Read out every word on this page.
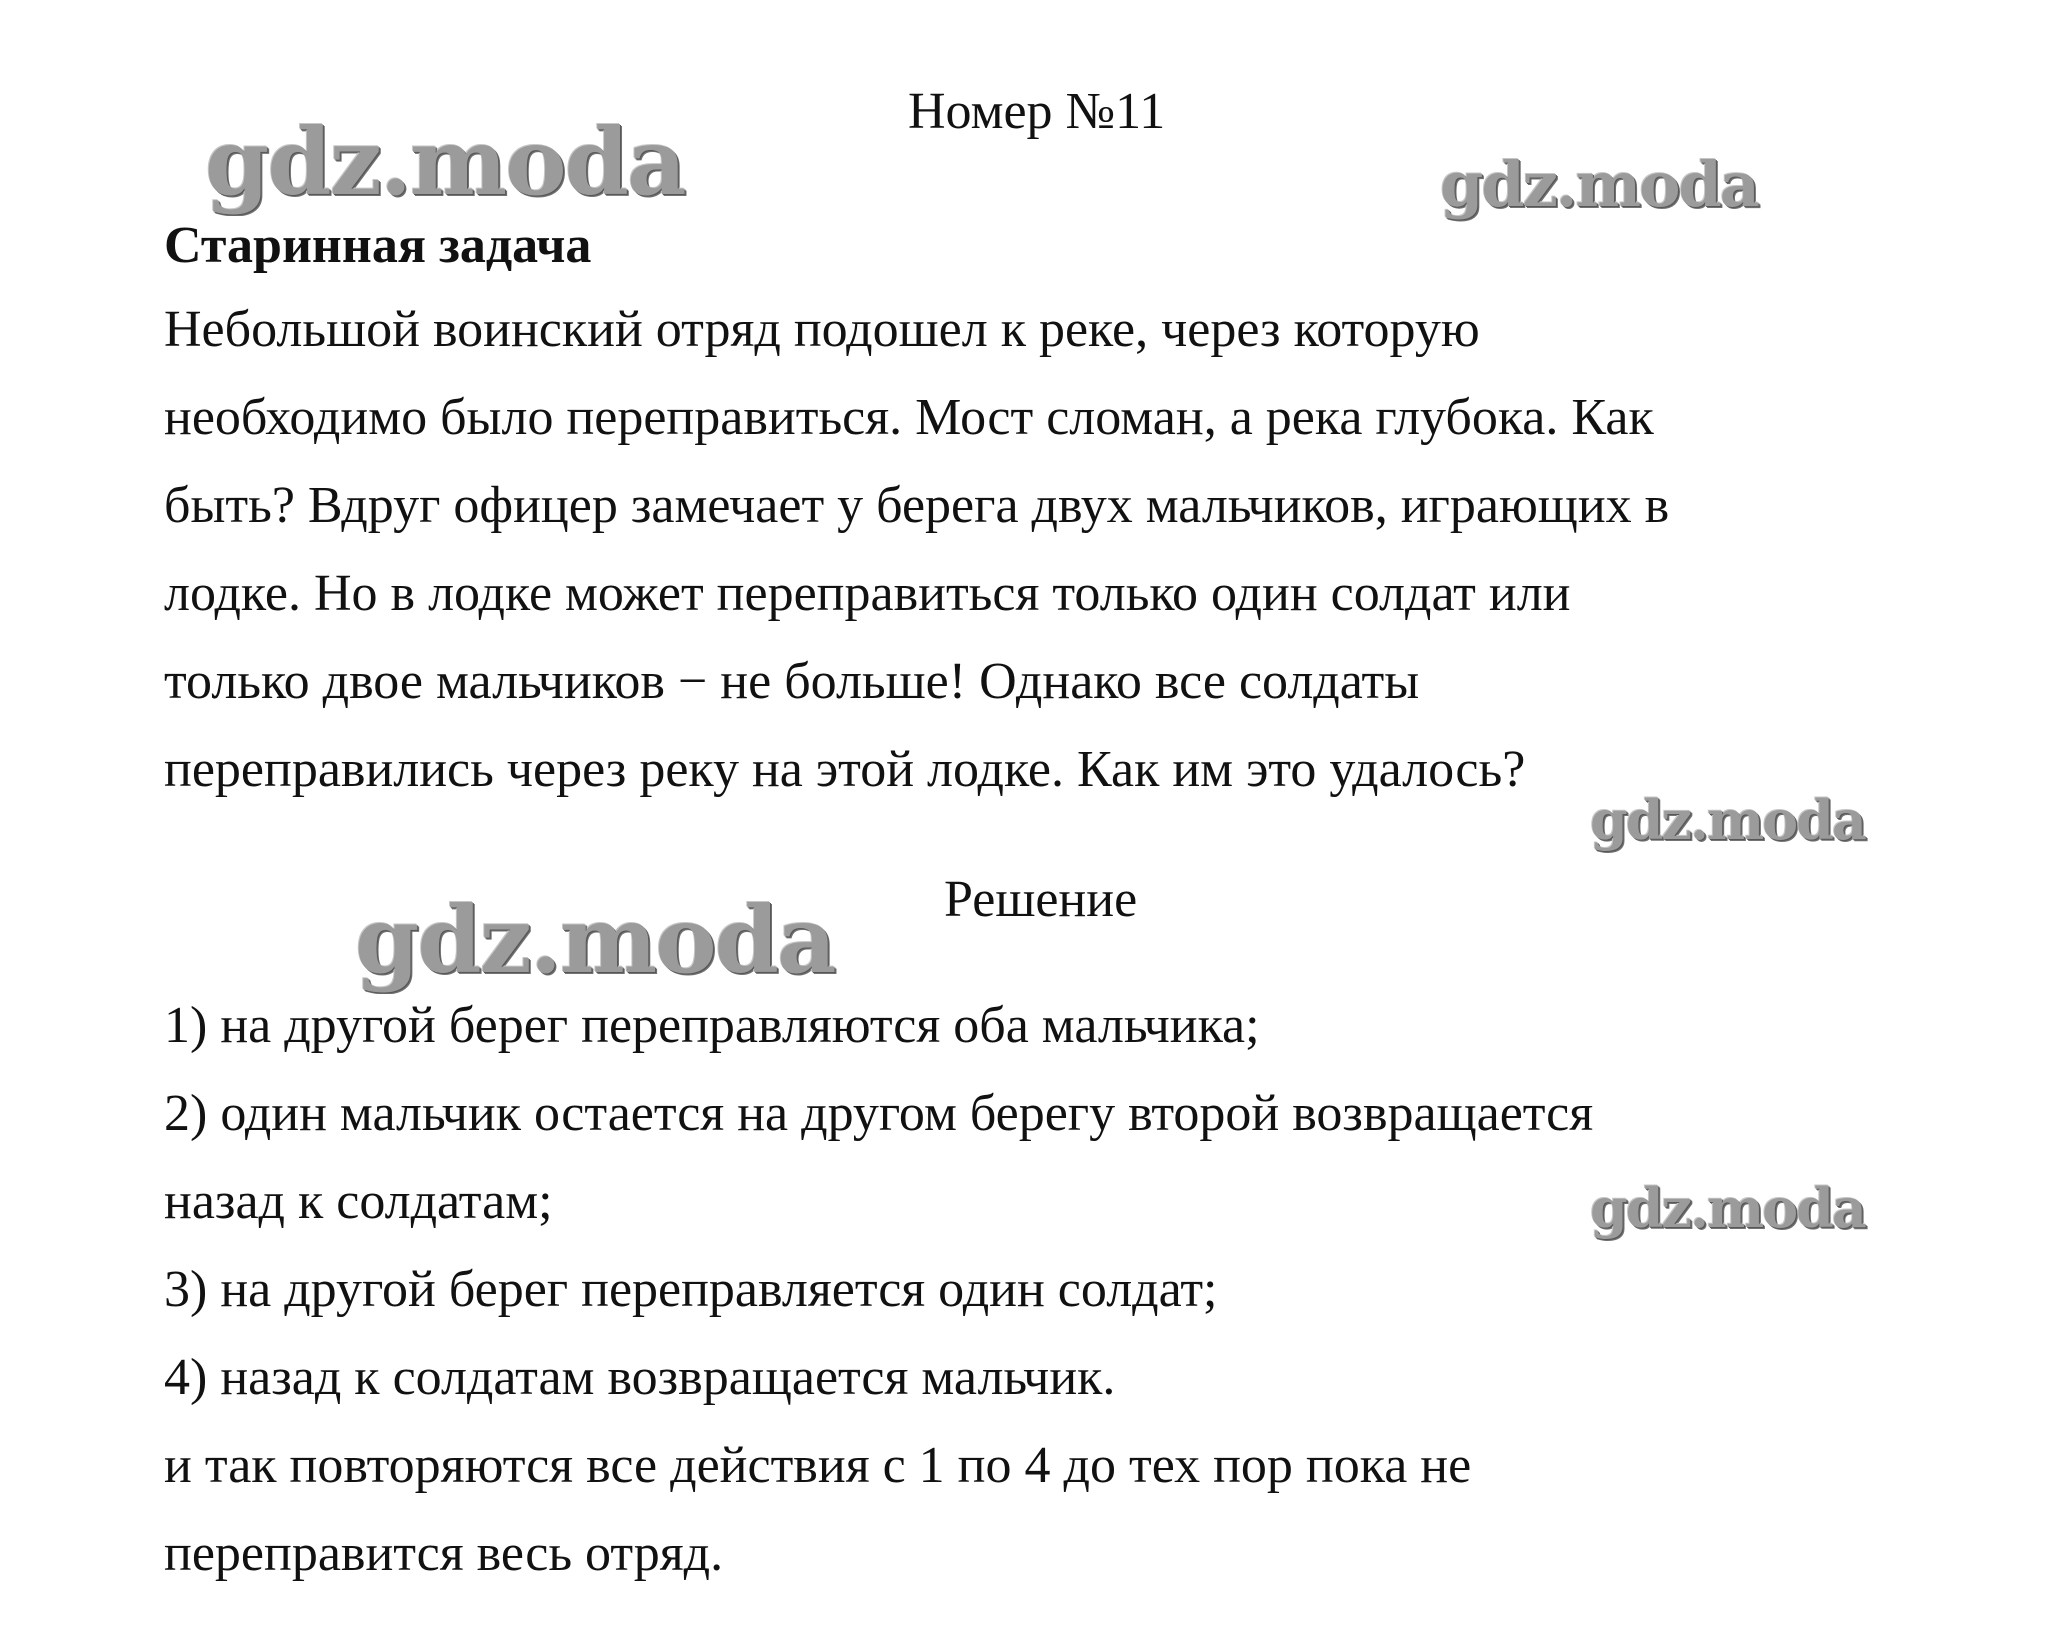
gdz.moda	gdz.moda
gdz.moda
gdz.moda
gdz.moda
Номер №11
Старинная задача
Небольшой воинский отряд подошел к реке, через которую
необходимо было переправиться. Мост сломан, а река глубока. Как
быть? Вдруг офицер замечает у берега двух мальчиков, играющих в
лодке. Но в лодке может переправиться только один солдат или
только двое мальчиков − не больше! Однако все солдаты
переправились через реку на этой лодке. Как им это удалось?
Решение
1) на другой берег переправляются оба мальчика;
2) один мальчик остается на другом берегу второй возвращается
назад к солдатам;
3) на другой берег переправляется один солдат;
4) назад к солдатам возвращается мальчик.
и так повторяются все действия с 1 по 4 до тех пор пока не
переправится весь отряд.
